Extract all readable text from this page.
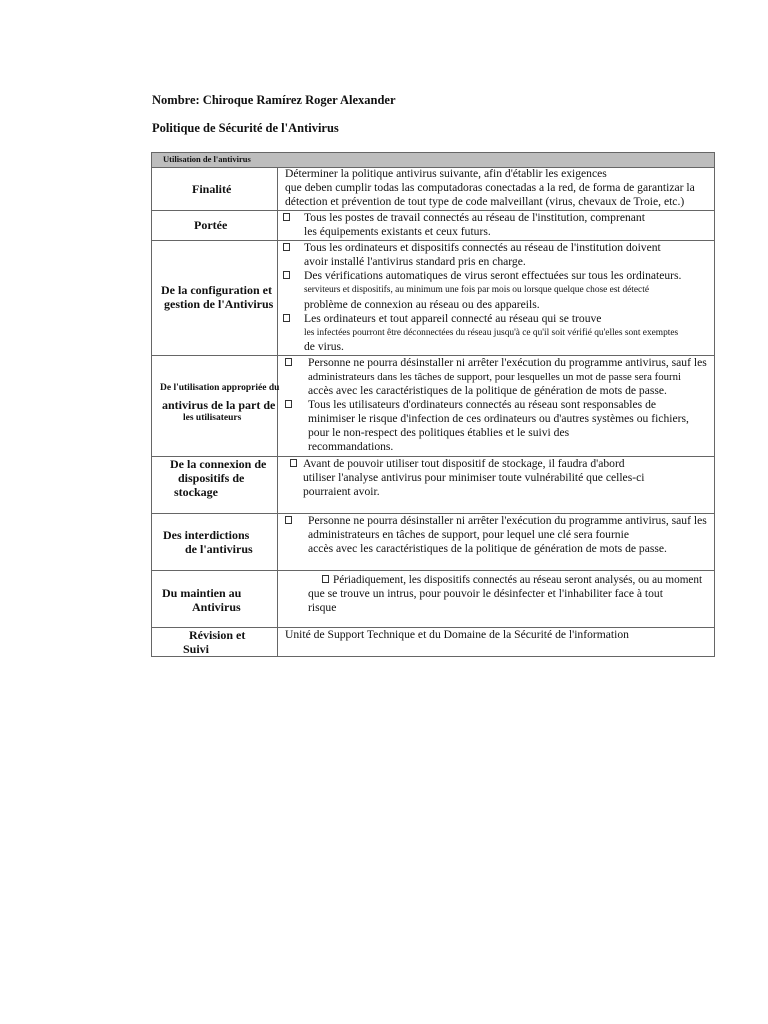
Nombre: Chiroque Ramírez Roger Alexander
Politique de Sécurité de l'Antivirus
Utilisation de l'antivirus
Finalité
Déterminer la politique antivirus suivante, afin d'établir les exigences
que deben cumplir todas las computadoras conectadas a la red, de forma de garantizar la
détection et prévention de tout type de code malveillant (virus, chevaux de Troie, etc.)
Portée
Tous les postes de travail connectés au réseau de l'institution, comprenant
les équipements existants et ceux futurs.
De la configuration et
gestion de l'Antivirus
Tous les ordinateurs et dispositifs connectés au réseau de l'institution doivent
avoir installé l'antivirus standard pris en charge.
Des vérifications automatiques de virus seront effectuées sur tous les ordinateurs.
serviteurs et dispositifs, au minimum une fois par mois ou lorsque quelque chose est détecté
problème de connexion au réseau ou des appareils.
Les ordinateurs et tout appareil connecté au réseau qui se trouve
les infectées pourront être déconnectées du réseau jusqu'à ce qu'il soit vérifié qu'elles sont exemptes
de virus.
De l'utilisation appropriée du
antivirus de la part de
les utilisateurs
Personne ne pourra désinstaller ni arrêter l'exécution du programme antivirus, sauf les
administrateurs dans les tâches de support, pour lesquelles un mot de passe sera fourni
accès avec les caractéristiques de la politique de génération de mots de passe.
Tous les utilisateurs d'ordinateurs connectés au réseau sont responsables de
minimiser le risque d'infection de ces ordinateurs ou d'autres systèmes ou fichiers,
pour le non-respect des politiques établies et le suivi des
recommandations.
De la connexion de
dispositifs de
stockage
Avant de pouvoir utiliser tout dispositif de stockage, il faudra d'abord
utiliser l'analyse antivirus pour minimiser toute vulnérabilité que celles-ci
pourraient avoir.
Des interdictions
de l'antivirus
Personne ne pourra désinstaller ni arrêter l'exécution du programme antivirus, sauf les
administrateurs en tâches de support, pour lequel une clé sera fournie
accès avec les caractéristiques de la politique de génération de mots de passe.
Du maintien au
Antivirus
Périadiquement, les dispositifs connectés au réseau seront analysés, ou au moment
que se trouve un intrus, pour pouvoir le désinfecter et l'inhabiliter face à tout
risque
Révision et
Suivi
Unité de Support Technique et du Domaine de la Sécurité de l'information
